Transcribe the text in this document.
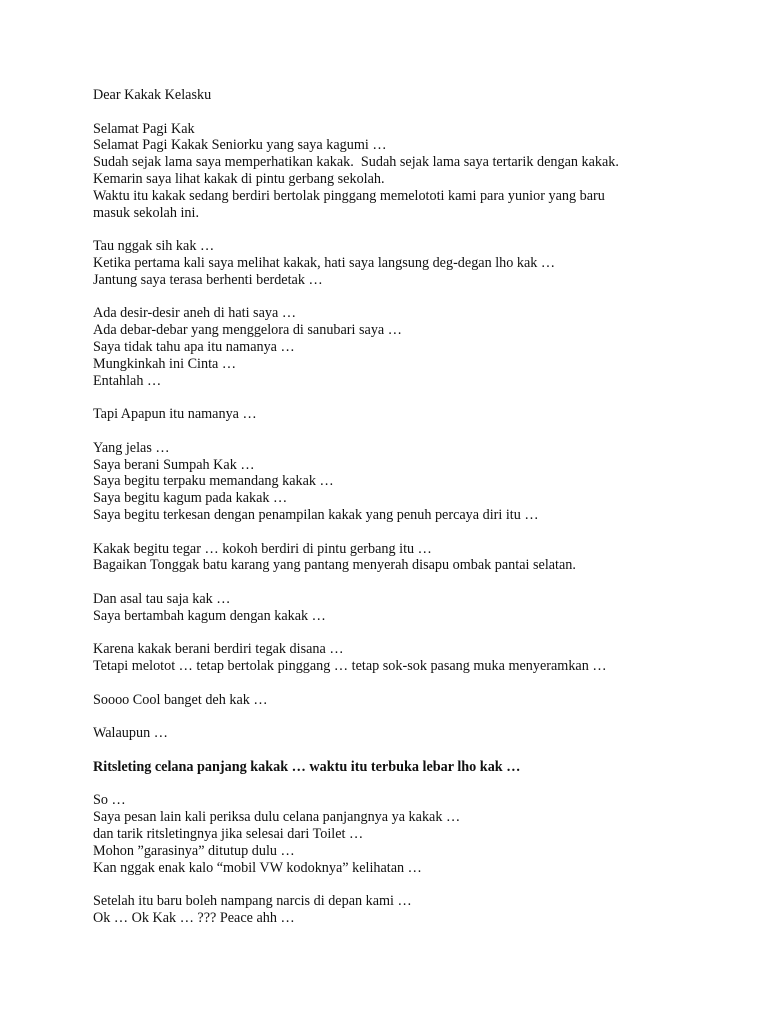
Dear Kakak Kelasku
Selamat Pagi Kak
Selamat Pagi Kakak Seniorku yang saya kagumi …
Sudah sejak lama saya memperhatikan kakak.  Sudah sejak lama saya tertarik dengan kakak.
Kemarin saya lihat kakak di pintu gerbang sekolah.
Waktu itu kakak sedang berdiri bertolak pinggang memelototi kami para yunior yang baru
masuk sekolah ini.
Tau nggak sih kak …
Ketika pertama kali saya melihat kakak, hati saya langsung deg-degan lho kak …
Jantung saya terasa berhenti berdetak …
Ada desir-desir aneh di hati saya …
Ada debar-debar yang menggelora di sanubari saya …
Saya tidak tahu apa itu namanya …
Mungkinkah ini Cinta …
Entahlah …
Tapi Apapun itu namanya …
Yang jelas …
Saya berani Sumpah Kak …
Saya begitu terpaku memandang kakak …
Saya begitu kagum pada kakak …
Saya begitu terkesan dengan penampilan kakak yang penuh percaya diri itu …
Kakak begitu tegar … kokoh berdiri di pintu gerbang itu …
Bagaikan Tonggak batu karang yang pantang menyerah disapu ombak pantai selatan.
Dan asal tau saja kak …
Saya bertambah kagum dengan kakak …
Karena kakak berani berdiri tegak disana …
Tetapi melotot … tetap bertolak pinggang … tetap sok-sok pasang muka menyeramkan …
Soooo Cool banget deh kak …
Walaupun …
Ritsleting celana panjang kakak … waktu itu terbuka lebar lho kak …
So …
Saya pesan lain kali periksa dulu celana panjangnya ya kakak …
dan tarik ritsletingnya jika selesai dari Toilet …
Mohon ”garasinya” ditutup dulu …
Kan nggak enak kalo “mobil VW kodoknya” kelihatan …
Setelah itu baru boleh nampang narcis di depan kami …
Ok … Ok Kak … ??? Peace ahh …
